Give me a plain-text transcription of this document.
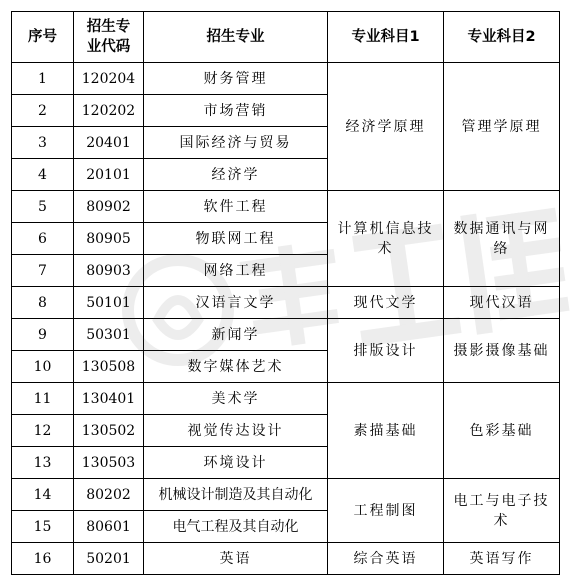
序号	招生专业代码	招生专业	专业科目1	专业科目2
1	120204	财务管理	经济学原理	管理学原理
2	120202	市场营销		
3	20401	国际经济与贸易		
4	20101	经济学		
5	80902	软件工程	计算机信息技术	数据通讯与网络
6	80905	物联网工程		
7	80903	网络工程		
8	50101	汉语言文学	现代文学	现代汉语
9	50301	新闻学	排版设计	摄影摄像基础
10	130508	数字媒体艺术		
11	130401	美术学	素描基础	色彩基础
12	130502	视觉传达设计		
13	130503	环境设计		
14	80202	机械设计制造及其自动化	工程制图	电工与电子技术
15	80601	电气工程及其自动化		
16	50201	英语	综合英语	英语写作
